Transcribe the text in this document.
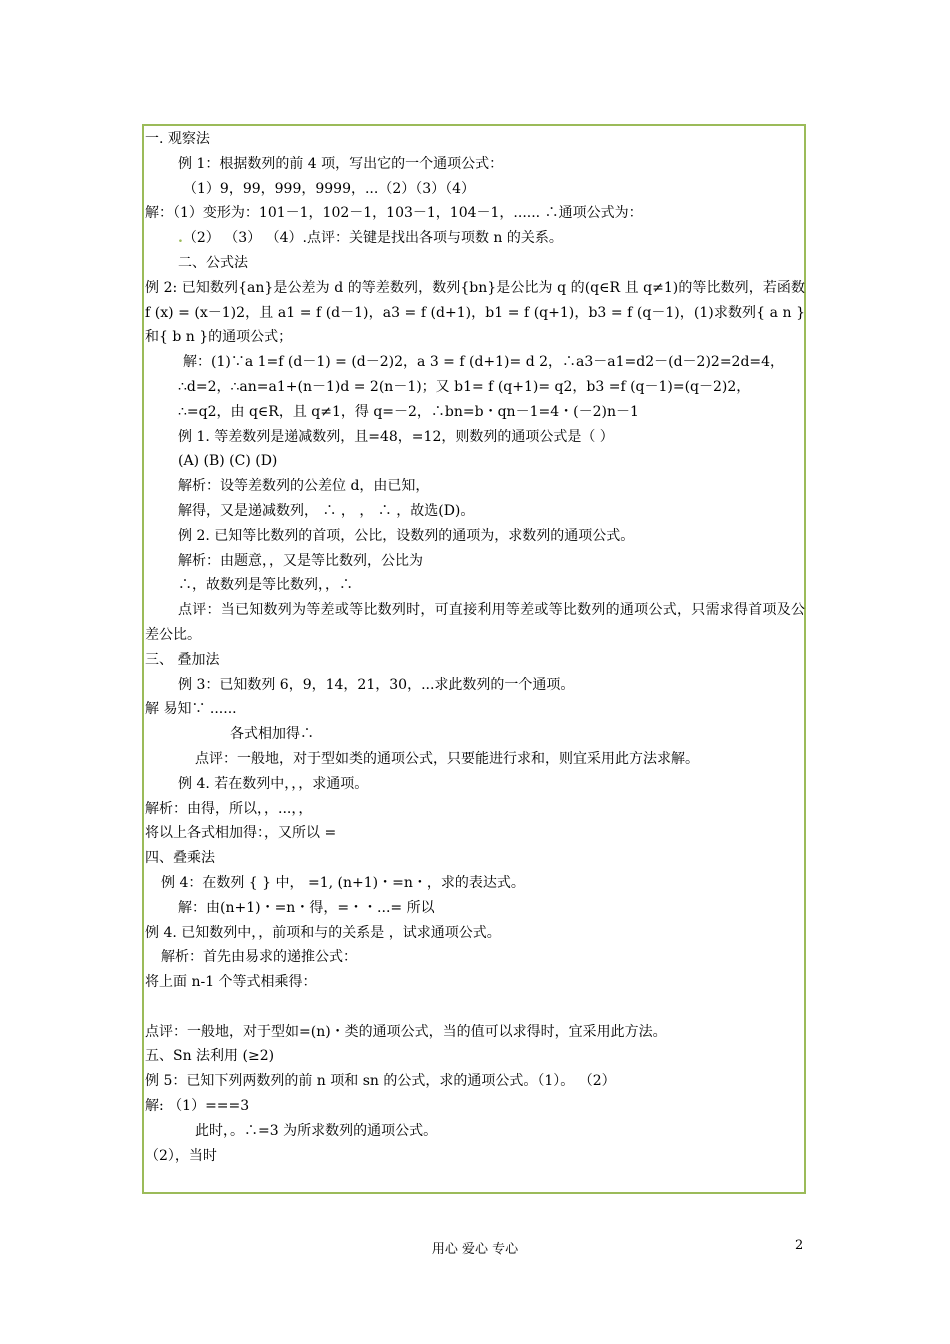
一. 观察法
例 1：根据数列的前 4 项，写出它的一个通项公式：
（1）9，99，999，9999，...（2）（3）（4）
解：（1）变形为：101－1，102－1，103－1，104－1，...... ∴通项公式为：
.（2） （3） （4）.点评：关键是找出各项与项数 n 的关系。
二、公式法
例 2: 已知数列{an}是公差为 d 的等差数列，数列{bn}是公比为 q 的(q∈R 且 q≠1)的等比数列，若函数 f (x) = (x－1)2，且 a1 = f (d－1)，a3 = f (d+1)，b1 = f (q+1)，b3 = f (q－1)，(1)求数列{ a n }和{ b n }的通项公式；
解：(1)∵a 1=f (d－1) = (d－2)2，a 3 = f (d+1)= d 2，∴a3－a1=d2－(d－2)2=2d=4，
∴d=2，∴an=a1+(n－1)d = 2(n－1)；又 b1= f (q+1)= q2，b3 =f (q－1)=(q－2)2，
∴=q2，由 q∈R，且 q≠1，得 q=－2，∴bn=b・qn－1=4・(－2)n－1
例 1. 等差数列是递减数列，且=48，=12，则数列的通项公式是（ ）
(A) (B) (C) (D)
解析：设等差数列的公差位 d，由已知，
解得，又是递减数列， ∴ ， ， ∴ ，故选(D)。
例 2. 已知等比数列的首项，公比，设数列的通项为，求数列的通项公式。
解析：由题意，，又是等比数列，公比为
∴，故数列是等比数列，，∴
点评：当已知数列为等差或等比数列时，可直接利用等差或等比数列的通项公式，只需求得首项及公差公比。
三、 叠加法
例 3：已知数列 6，9，14，21，30，...求此数列的一个通项。
解 易知∵ ......
各式相加得∴
点评：一般地，对于型如类的通项公式，只要能进行求和，则宜采用此方法求解。
例 4. 若在数列中，，，求通项。
解析：由得，所以，，...，，
将以上各式相加得：，又所以 =
四、叠乘法
例 4：在数列 { } 中， =1, (n+1)・=n・，求的表达式。
解：由(n+1)・=n・得，=・・...= 所以
例 4. 已知数列中，，前项和与的关系是 ，试求通项公式。
解析：首先由易求的递推公式：
将上面 n-1 个等式相乘得：
点评：一般地，对于型如=(n)・类的通项公式，当的值可以求得时，宜采用此方法。
五、Sn 法利用 (≥2)
例 5：已知下列两数列的前 n 项和 sn 的公式，求的通项公式。（1）。 （2）
解: （1）===3
此时，。∴=3 为所求数列的通项公式。
（2），当时
用心 爱心 专心	2
